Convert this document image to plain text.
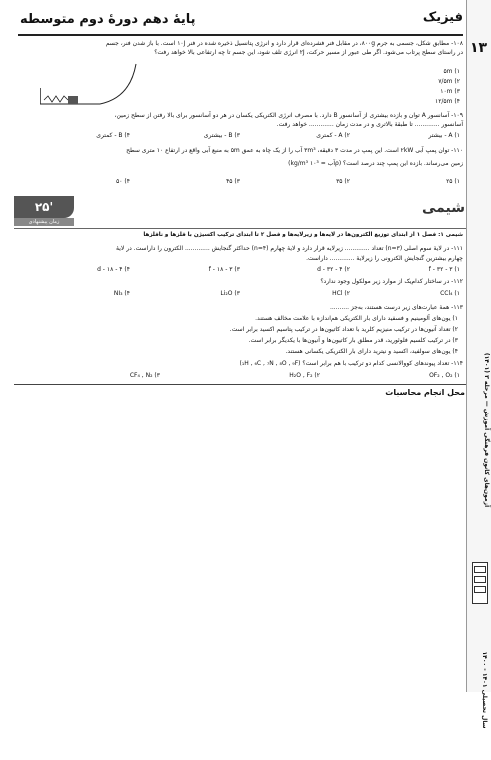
پایۀ دهم دورۀ دوم متوسطه	فیزیک
۱۳
آزمون‌های کانون فرهنگی آموزش — مرحله ۳ (۱۴۰۱)
سال تحصیلی ۱۴۰۱ - ۱۴۰۰
۱۰۸- مطابق شکل، جسمی به جرم ۸۰۰g، در مقابل فنر فشرده‌ای قرار دارد و انرژی پتانسیل ذخیره شده در فنر ۱۰J است. با باز شدن فنر، جسم
در راستای سطح پرتاب می‌شود. اگر طی عبور از مسیر حرکت، ۲J انرژی تلف شود، این جسم تا چه ارتفاعی بالا خواهد رفت؟
۱) ۵m
۲) ۷/۵m
۳) ۱۰m
۴) ۱۲/۵m
۱۰۹- آسانسور A توان و بازده بیشتری از آسانسور B دارد. با مصرف انرژی الکتریکی یکسان در هر دو آسانسور برای بالا رفتن از سطح زمین،
آسانسور ............. تا طبقهٔ بالاتری و در مدت زمان ............. خواهد رفت.
۱) A - بیشتر
۲) A - کمتری
۳) B - بیشتری
۴) B - کمتری
۱۱۰- توان پمپ آبی ۲kW است. این پمپ در مدت ۳ دقیقه، ۳m³ آب را از یک چاه به عمق ۵m به منبع آبی واقع در ارتفاع ۱۰ متری سطح
زمین می‌رساند. بازده این پمپ چند درصد است؟ (ρآب = ۱۰³ kg/m³)
۱) ۲۵
۲) ۳۵
۳) ۴۵
۴) ۵۰
۲۵'
زمان پیشنهادی
شیمی
شیمی ۱: فصل ۱ از ابتدای توزیع الکترون‌ها در لایه‌ها و زیرلایه‌ها و فصل ۲ تا ابتدای ترکیب اکسیژن با فلزها و نافلزها
۱۱۱- در لایهٔ سوم اصلی (n=۳) تعداد ............. زیرلایه قرار دارد و لایهٔ چهارم (n=۴) حداکثر گنجایش ............. الکترون را داراست. در لایهٔ
چهارم بیشترین گنجایش الکترونی را زیرلایهٔ ............. داراست.
۱) f - ۳۲ - ۳
۲) d - ۳۲ - ۴
۳) f - ۱۸ - ۳
۴) d - ۱۸ - ۴
۱۱۲- در ساختار کدام‌یک از موارد زیر مولکول وجود ندارد؟
۱) CCl₄
۲) HCl
۳) Li₂O
۴) NI₃
۱۱۳- همهٔ عبارت‌های زیر درست هستند، به‌جز ..........
۱) یون‌های آلومینیم و فسفید دارای بار الکتریکی هم‌اندازه با علامت مخالف هستند.
۲) تعداد آنیون‌ها در ترکیب منیزیم کلرید با تعداد کاتیون‌ها در ترکیب پتاسیم اکسید برابر است.
۳) در ترکیب کلسیم فلوئورید، قدر مطلق بار کاتیون‌ها و آنیون‌ها با یکدیگر برابر است.
۴) یون‌های سولفید، اکسید و نیترید دارای بار الکتریکی یکسانی هستند.
۱۱۴- تعداد پیوندهای کووالانسی کدام دو ترکیب با هم برابر است؟ (₁H , ₆C , ₇N , ₈O , ₉F)
۱) OF₂ , O₂
۲) H₂O , F₂
۳) CF₄ , N₂
محل انجام محاسبات
